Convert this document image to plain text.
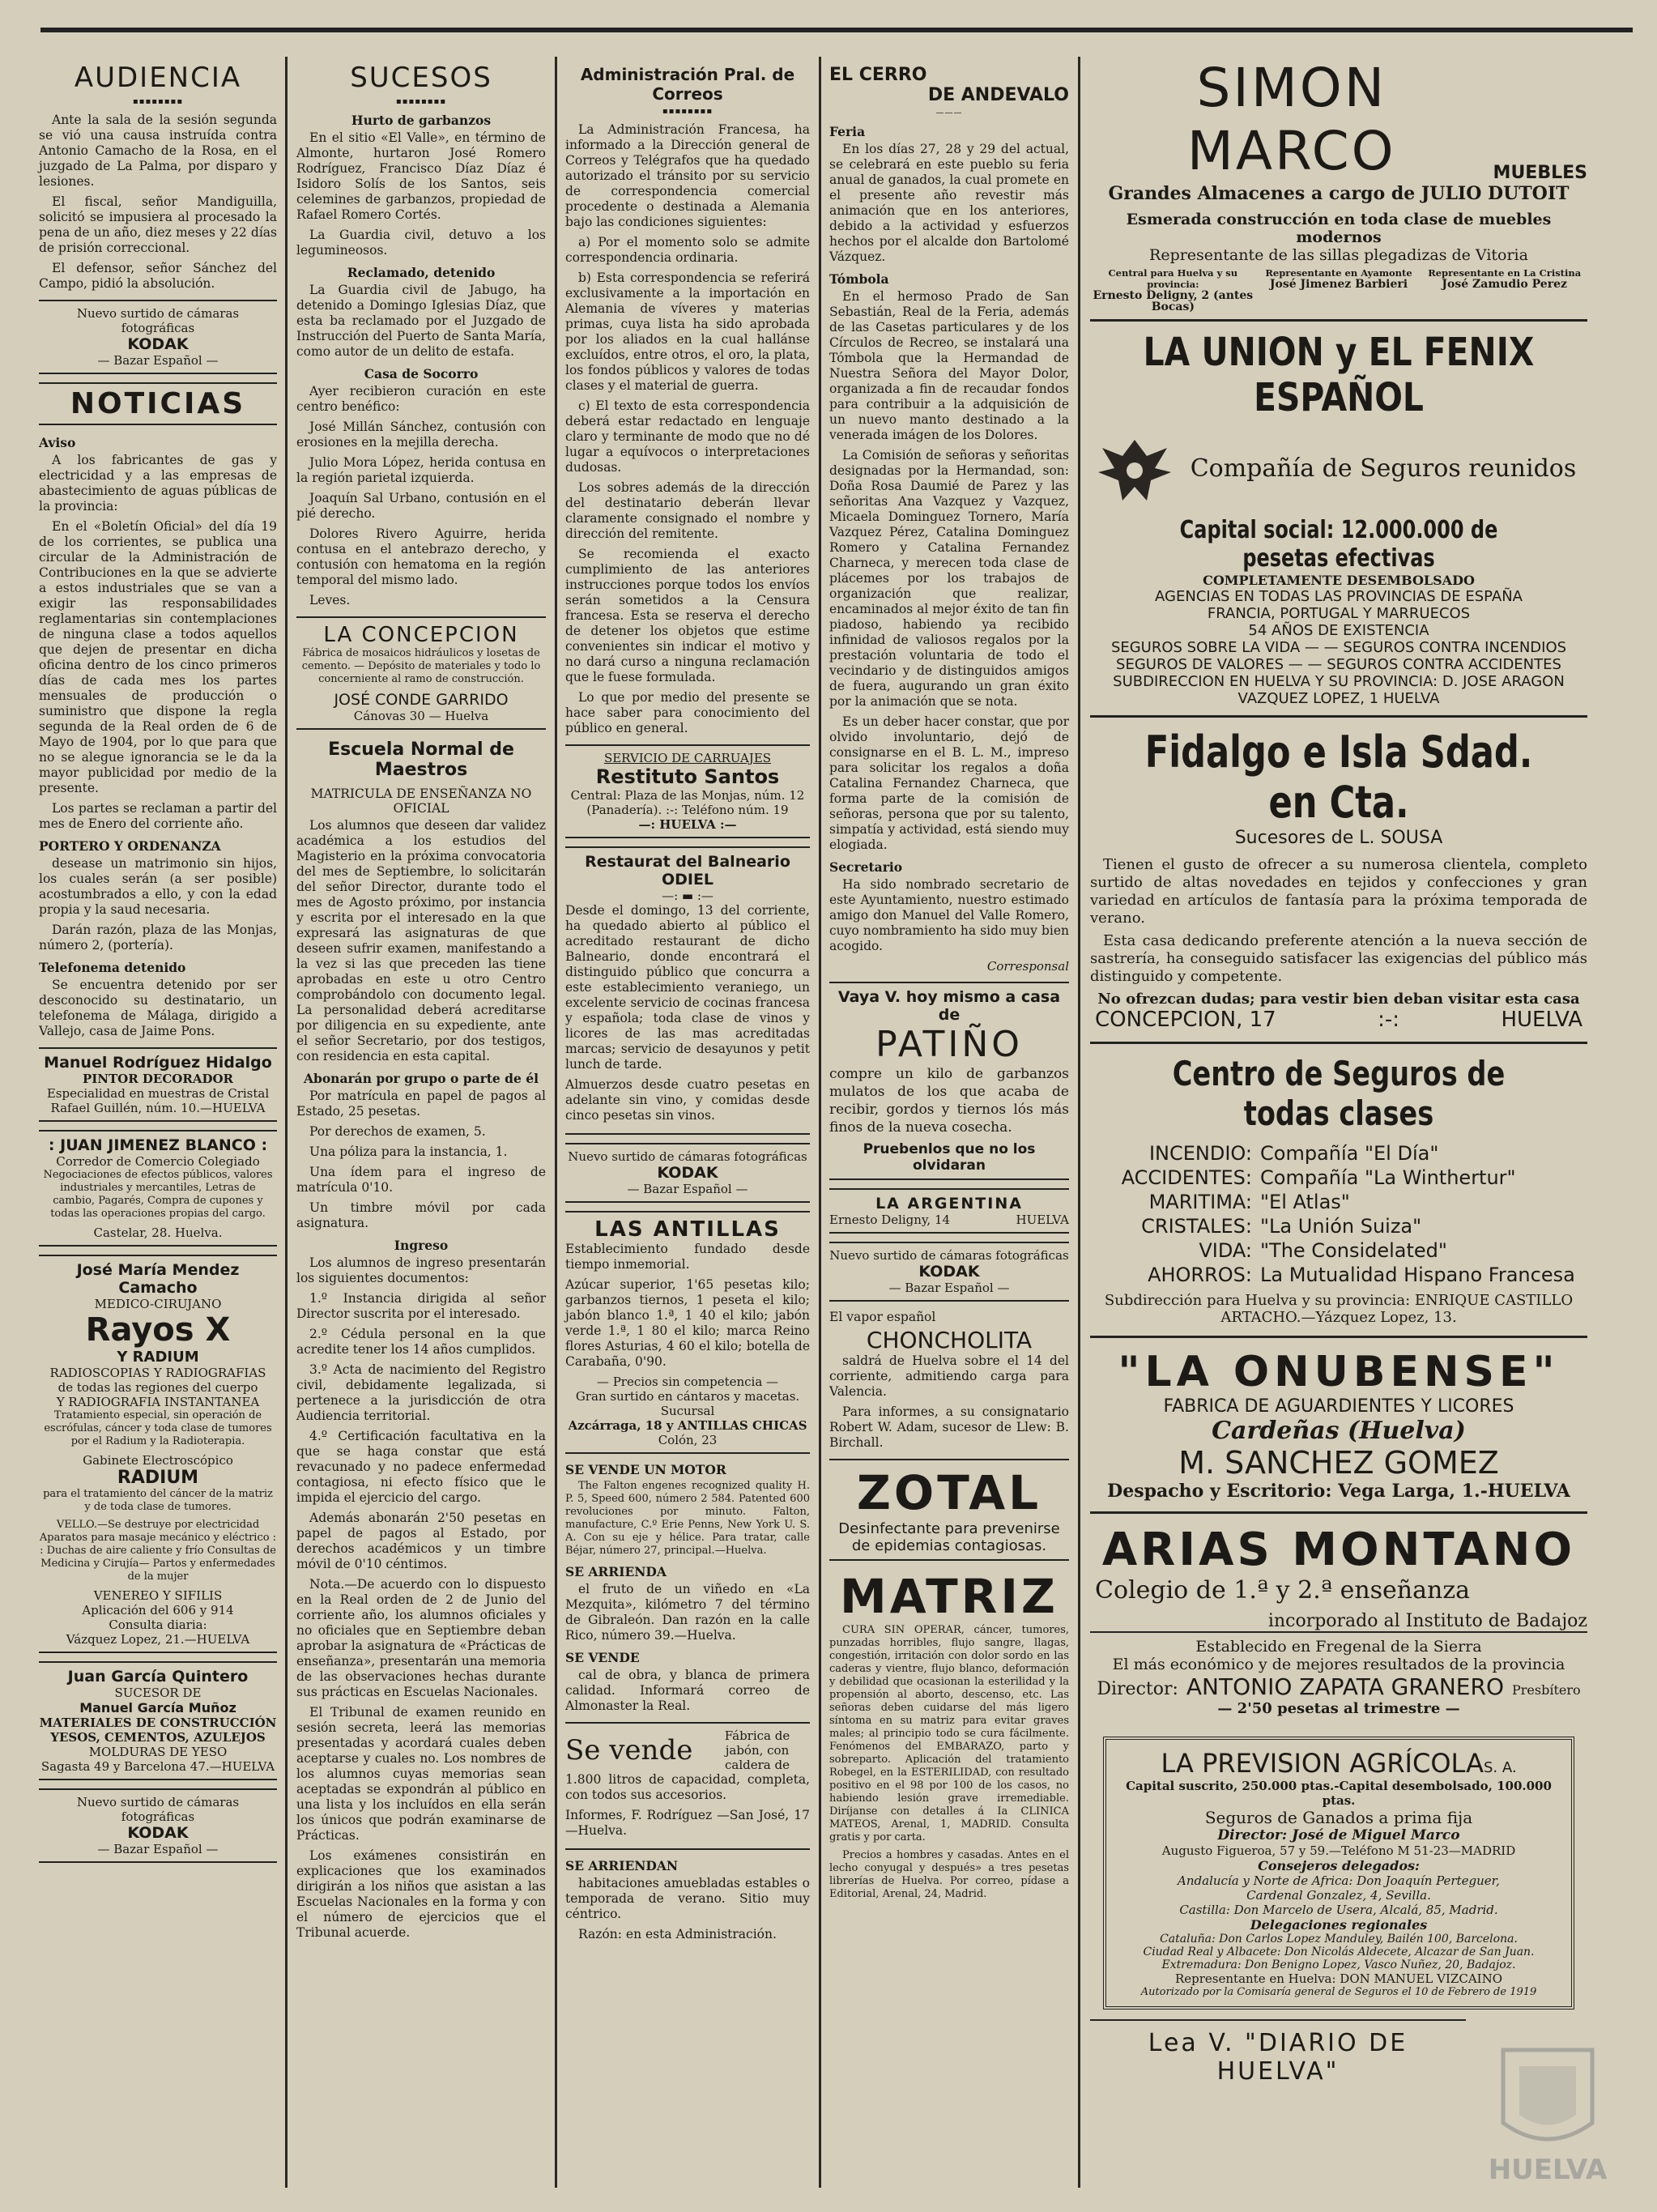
AUDIENCIA
▪▪▪▪▪▪▪▪

Ante la sala de la sesión segunda se vió una causa instruída contra Antonio Camacho de la Rosa, en el juzgado de La Palma, por disparo y lesiones.

El fiscal, señor Mandiguilla, solicitó se impusiera al procesado la pena de un año, diez meses y 22 días de prisión correccional.

El defensor, señor Sánchez del Campo, pidió la absolución.

Nuevo surtido de cámaras fotográficas
KODAK
— Bazar Español —
NOTICIAS
Aviso

A los fabricantes de gas y electricidad y a las empresas de abastecimiento de aguas públicas de la provincia:

En el «Boletín Oficial» del día 19 de los corrientes, se publica una circular de la Administración de Contribuciones en la que se advierte a estos industriales que se van a exigir las responsabilidades reglamentarias sin contemplaciones de ninguna clase a todos aquellos que dejen de presentar en dicha oficina dentro de los cinco primeros días de cada mes los partes mensuales de producción o suministro que dispone la regla segunda de la Real orden de 6 de Mayo de 1904, por lo que para que no se alegue ignorancia se le da la mayor publicidad por medio de la presente.

Los partes se reclaman a partir del mes de Enero del corriente año.

PORTERO Y ORDENANZA

desease un matrimonio sin hijos, los cuales serán (a ser posible) acostumbrados a ello, y con la edad propia y la saud necesaria.

Darán razón, plaza de las Monjas, número 2, (portería).

Telefonema detenido

Se encuentra detenido por ser desconocido su destinatario, un telefonema de Málaga, dirigido a Vallejo, casa de Jaime Pons.

Manuel Rodríguez Hidalgo
PINTOR DECORADOR
Especialidad en muestras de Cristal
Rafael Guillén, núm. 10.—HUELVA
: JUAN JIMENEZ BLANCO :
Corredor de Comercio Colegiado

Negociaciones de efectos públicos, valores industriales y mercantiles, Letras de cambio, Pagarés, Compra de cupones y todas las operaciones propias del cargo.

Castelar, 28. Huelva.
José María Mendez Camacho
MEDICO-CIRUJANO
Rayos X
Y RADIUM
RADIOSCOPIAS Y RADIOGRAFIAS
de todas las regiones del cuerpo
Y RADIOGRAFIA INSTANTANEA

Tratamiento especial, sin operación de escrófulas, cáncer y toda clase de tumores por el Radium y la Radioterapia.

Gabinete Electroscópico
RADIUM

para el tratamiento del cáncer de la matriz y de toda clase de tumores.

VELLO.—Se destruye por electricidad Aparatos para masaje mecánico y eléctrico : : Duchas de aire caliente y frío Consultas de Medicina y Cirujía— Partos y enfermedades de la mujer

VENEREO Y SIFILIS
Aplicación del 606 y 914
Consulta diaria:
Vázquez Lopez, 21.—HUELVA
Juan García Quintero
SUCESOR DE
Manuel García Muñoz
MATERIALES DE CONSTRUCCIÓN
YESOS, CEMENTOS, AZULEJOS
MOLDURAS DE YESO
Sagasta 49 y Barcelona 47.—HUELVA
Nuevo surtido de cámaras fotográficas
KODAK
— Bazar Español —
SUCESOS
▪▪▪▪▪▪▪▪
Hurto de garbanzos

En el sitio «El Valle», en término de Almonte, hurtaron José Romero Rodríguez, Francisco Díaz Díaz é Isidoro Solís de los Santos, seis celemines de garbanzos, propiedad de Rafael Romero Cortés.

La Guardia civil, detuvo a los legumineosos.

Reclamado, detenido

La Guardia civil de Jabugo, ha detenido a Domingo Iglesias Díaz, que esta ba reclamado por el Juzgado de Instrucción del Puerto de Santa María, como autor de un delito de estafa.

Casa de Socorro

Ayer recibieron curación en este centro benéfico:

José Millán Sánchez, contusión con erosiones en la mejilla derecha.

Julio Mora López, herida contusa en la región parietal izquierda.

Joaquín Sal Urbano, contusión en el pié derecho.

Dolores Rivero Aguirre, herida contusa en el antebrazo derecho, y contusión con hematoma en la región temporal del mismo lado.

Leves.

LA CONCEPCION

Fábrica de mosaicos hidráulicos y losetas de cemento. — Depósito de materiales y todo lo concerniente al ramo de construcción.

JOSÉ CONDE GARRIDO
Cánovas 30 — Huelva
Escuela Normal de Maestros
MATRICULA DE ENSEÑANZA NO OFICIAL

Los alumnos que deseen dar validez académica a los estudios del Magisterio en la próxima convocatoria del mes de Septiembre, lo solicitarán del señor Director, durante todo el mes de Agosto próximo, por instancia y escrita por el interesado en la que expresará las asignaturas de que deseen sufrir examen, manifestando a la vez si las que preceden las tiene aprobadas en este u otro Centro comprobándolo con documento legal. La personalidad deberá acreditarse por diligencia en su expediente, ante el señor Secretario, por dos testigos, con residencia en esta capital.

Abonarán por grupo o parte de él

Por matrícula en papel de pagos al Estado, 25 pesetas.

Por derechos de examen, 5.

Una póliza para la instancia, 1.

Una ídem para el ingreso de matrícula 0'10.

Un timbre móvil por cada asignatura.

Ingreso

Los alumnos de ingreso presentarán los siguientes documentos:

1.º Instancia dirigida al señor Director suscrita por el interesado.

2.º Cédula personal en la que acredite tener los 14 años cumplidos.

3.º Acta de nacimiento del Registro civil, debidamente legalizada, si pertenece a la jurisdicción de otra Audiencia territorial.

4.º Certificación facultativa en la que se haga constar que está revacunado y no padece enfermedad contagiosa, ni efecto físico que le impida el ejercicio del cargo.

Además abonarán 2'50 pesetas en papel de pagos al Estado, por derechos académicos y un timbre móvil de 0'10 céntimos.

Nota.—De acuerdo con lo dispuesto en la Real orden de 2 de Junio del corriente año, los alumnos oficiales y no oficiales que en Septiembre deban aprobar la asignatura de «Prácticas de enseñanza», presentarán una memoria de las observaciones hechas durante sus prácticas en Escuelas Nacionales.

El Tribunal de examen reunido en sesión secreta, leerá las memorias presentadas y acordará cuales deben aceptarse y cuales no. Los nombres de los alumnos cuyas memorias sean aceptadas se expondrán al público en una lista y los incluídos en ella serán los únicos que podrán examinarse de Prácticas.

Los exámenes consistirán en explicaciones que los examinados dirigirán a los niños que asistan a las Escuelas Nacionales en la forma y con el número de ejercicios que el Tribunal acuerde.

Administración Pral. de Correos
▪▪▪▪▪▪▪▪

La Administración Francesa, ha informado a la Dirección general de Correos y Telégrafos que ha quedado autorizado el tránsito por su servicio de correspondencia comercial procedente o destinada a Alemania bajo las condiciones siguientes:

a) Por el momento solo se admite correspondencia ordinaria.

b) Esta correspondencia se referirá exclusivamente a la importación en Alemania de víveres y materias primas, cuya lista ha sido aprobada por los aliados en la cual hallánse excluídos, entre otros, el oro, la plata, los fondos públicos y valores de todas clases y el material de guerra.

c) El texto de esta correspondencia deberá estar redactado en lenguaje claro y terminante de modo que no dé lugar a equívocos o interpretaciones dudosas.

Los sobres además de la dirección del destinatario deberán llevar claramente consignado el nombre y dirección del remitente.

Se recomienda el exacto cumplimiento de las anteriores instrucciones porque todos los envíos serán sometidos a la Censura francesa. Esta se reserva el derecho de detener los objetos que estime convenientes sin indicar el motivo y no dará curso a ninguna reclamación que le fuese formulada.

Lo que por medio del presente se hace saber para conocimiento del público en general.

SERVICIO DE CARRUAJES
Restituto Santos
Central: Plaza de las Monjas, núm. 12
(Panadería). :-: Teléfono núm. 19
—: HUELVA :—
Restaurat del Balneario ODIEL
—: ▬ :—

Desde el domingo, 13 del corriente, ha quedado abierto al público el acreditado restaurant de dicho Balneario, donde encontrará el distinguido público que concurra a este establecimiento veraniego, un excelente servicio de cocinas francesa y española; toda clase de vinos y licores de las mas acreditadas marcas; servicio de desayunos y petit lunch de tarde.

Almuerzos desde cuatro pesetas en adelante sin vino, y comidas desde cinco pesetas sin vinos.

Nuevo surtido de cámaras fotográficas
KODAK
— Bazar Español —
LAS ANTILLAS

Establecimiento fundado desde tiempo inmemorial.

Azúcar superior, 1'65 pesetas kilo; garbanzos tiernos, 1 peseta el kilo; jabón blanco 1.ª, 1 40 el kilo; jabón verde 1.ª, 1 80 el kilo; marca Reino flores Asturias, 4 60 el kilo; botella de Carabaña, 0'90.

— Precios sin competencia —
Gran surtido en cántaros y macetas.
Sucursal
Azcárraga, 18 y ANTILLAS CHICAS
Colón, 23
SE VENDE UN MOTOR

The Falton engenes recognized quality H. P. 5, Speed 600, número 2 584. Patented 600 revoluciones por minuto. Falton, manufacture, C.º Erie Penns, New York U. S. A. Con su eje y hélice. Para tratar, calle Béjar, número 27, principal.—Huelva.

SE ARRIENDA

el fruto de un viñedo en «La Mezquita», kilómetro 7 del término de Gibraleón. Dan razón en la calle Rico, número 39.—Huelva.

SE VENDE

cal de obra, y blanca de primera calidad. Informará correo de Almonaster la Real.

Se vende	Fábrica de jabón, con caldera de

1.800 litros de capacidad, completa, con todos sus accesorios.

Informes, F. Rodríguez —San José, 17 —Huelva.

SE ARRIENDAN

habitaciones amuebladas estables o temporada de verano. Sitio muy céntrico.

Razón: en esta Administración.

EL CERRO
DE ANDEVALO
———
Feria

En los días 27, 28 y 29 del actual, se celebrará en este pueblo su feria anual de ganados, la cual promete en el presente año revestir más animación que en los anteriores, debido a la actividad y esfuerzos hechos por el alcalde don Bartolomé Vázquez.

Tómbola

En el hermoso Prado de San Sebastián, Real de la Feria, además de las Casetas particulares y de los Círculos de Recreo, se instalará una Tómbola que la Hermandad de Nuestra Señora del Mayor Dolor, organizada a fin de recaudar fondos para contribuir a la adquisición de un nuevo manto destinado a la venerada imágen de los Dolores.

La Comisión de señoras y señoritas designadas por la Hermandad, son: Doña Rosa Daumié de Parez y las señoritas Ana Vazquez y Vazquez, Micaela Dominguez Tornero, María Vazquez Pérez, Catalina Dominguez Romero y Catalina Fernandez Charneca, y merecen toda clase de plácemes por los trabajos de organización que realizar, encaminados al mejor éxito de tan fin piadoso, habiendo ya recibido infinidad de valiosos regalos por la prestación voluntaria de todo el vecindario y de distinguidos amigos de fuera, augurando un gran éxito por la animación que se nota.

Es un deber hacer constar, que por olvido involuntario, dejó de consignarse en el B. L. M., impreso para solicitar los regalos a doña Catalina Fernandez Charneca, que forma parte de la comisión de señoras, persona que por su talento, simpatía y actividad, está siendo muy elogiada.

Secretario

Ha sido nombrado secretario de este Ayuntamiento, nuestro estimado amigo don Manuel del Valle Romero, cuyo nombramiento ha sido muy bien acogido.

Corresponsal
Vaya V. hoy mismo a casa de
PATIÑO

compre un kilo de garbanzos mulatos de los que acaba de recibir, gordos y tiernos lós más finos de la nueva cosecha.

Pruebenlos que no los olvidaran
LA ARGENTINA
Ernesto Deligny, 14	HUELVA
Nuevo surtido de cámaras fotográficas
KODAK
— Bazar Español —
El vapor español
CHONCHOLITA

saldrá de Huelva sobre el 14 del corriente, admitiendo carga para Valencia.

Para informes, a su consignatario Robert W. Adam, sucesor de Llew: B. Birchall.

ZOTAL
Desinfectante para prevenirse
de epidemias contagiosas.
MATRIZ

CURA SIN OPERAR, cáncer, tumores, punzadas horribles, flujo sangre, llagas, congestión, irritación con dolor sordo en las caderas y vientre, flujo blanco, deformación y debilidad que ocasionan la esterilidad y la propensión al aborto, descenso, etc. Las señoras deben cuidarse del más ligero síntoma en su matriz para evitar graves males; al principio todo se cura fácilmente. Fenómenos del EMBARAZO, parto y sobreparto. Aplicación del tratamiento Robegel, en la ESTERILIDAD, con resultado positivo en el 98 por 100 de los casos, no habiendo lesión grave irremediable. Diríjanse con detalles á Ia CLINICA MATEOS, Arenal, 1, MADRID. Consulta gratis y por carta.

Precios a hombres y casadas. Antes en el lecho conyugal y después» a tres pesetas librerías de Huelva. Por correo, pídase a Editorial, Arenal, 24, Madrid.

SIMON MARCO	MUEBLES
Grandes Almacenes a cargo de JULIO DUTOIT
Esmerada construcción en toda clase de muebles modernos
Representante de las sillas plegadizas de Vitoria
Central para Huelva y su provincia:
Ernesto Deligny, 2 (antes Bocas)
Representante en Ayamonte
José Jimenez Barbieri
Representante en La Cristina
José Zamudio Perez
LA UNION y EL FENIX ESPAÑOL
Compañía de Seguros reunidos
Capital social: 12.000.000 de pesetas efectivas
COMPLETAMENTE DESEMBOLSADO
AGENCIAS EN TODAS LAS PROVINCIAS DE ESPAÑA
FRANCIA, PORTUGAL Y MARRUECOS
54 AÑOS DE EXISTENCIA
SEGUROS SOBRE LA VIDA — — SEGUROS CONTRA INCENDIOS
SEGUROS DE VALORES — — SEGUROS CONTRA ACCIDENTES
SUBDIRECCION EN HUELVA Y SU PROVINCIA: D. JOSE ARAGON
VAZQUEZ LOPEZ, 1 HUELVA
Fidalgo e Isla Sdad. en Cta.
Sucesores de L. SOUSA

Tienen el gusto de ofrecer a su numerosa clientela, completo surtido de altas novedades en tejidos y confecciones y gran variedad en artículos de fantasía para la próxima temporada de verano.

Esta casa dedicando preferente atención a la nueva sección de sastrería, ha conseguido satisfacer las exigencias del público más distinguido y competente.

No ofrezcan dudas; para vestir bien deban visitar esta casa
CONCEPCION, 17	:-:	HUELVA
Centro de Seguros de todas clases
INCENDIO: Compañía "El Día"
ACCIDENTES: Compañía "La Winthertur"
MARITIMA: "El Atlas"
CRISTALES: "La Unión Suiza"
VIDA: "The Considelated"
AHORROS: La Mutualidad Hispano Francesa
Subdirección para Huelva y su provincia: ENRIQUE CASTILLO
ARTACHO.—Yázquez Lopez, 13.
"LA ONUBENSE"
FABRICA DE AGUARDIENTES Y LICORES
Cardeñas (Huelva)
M. SANCHEZ GOMEZ
Despacho y Escritorio: Vega Larga, 1.-HUELVA
ARIAS MONTANO
Colegio de 1.ª y 2.ª enseñanza
incorporado al Instituto de Badajoz
Establecido en Fregenal de la Sierra
El más económico y de mejores resultados de la provincia
Director: ANTONIO ZAPATA GRANERO Presbítero
— 2'50 pesetas al trimestre —
LA PREVISION AGRÍCOLAS. A.
Capital suscrito, 250.000 ptas.-Capital desembolsado, 100.000 ptas.
Seguros de Ganados a prima fija
Director: José de Miguel Marco
Augusto Figueroa, 57 y 59.—Teléfono M 51-23—MADRID
Consejeros delegados:
Andalucía y Norte de Africa: Don Joaquín Perteguer,
Cardenal Gonzalez, 4, Sevilla.
Castilla: Don Marcelo de Usera, Alcalá, 85, Madrid.
Delegaciones regionales
Cataluña: Don Carlos Lopez Manduley, Bailén 100, Barcelona.
Ciudad Real y Albacete: Don Nicolás Aldecete, Alcazar de San Juan.
Extremadura: Don Benigno Lopez, Vasco Nuñez, 20, Badajoz.
Representante en Huelva: DON MANUEL VIZCAINO
Autorizado por la Comisaría general de Seguros el 10 de Febrero de 1919
Lea V. "DIARIO DE HUELVA"
HUELVA
